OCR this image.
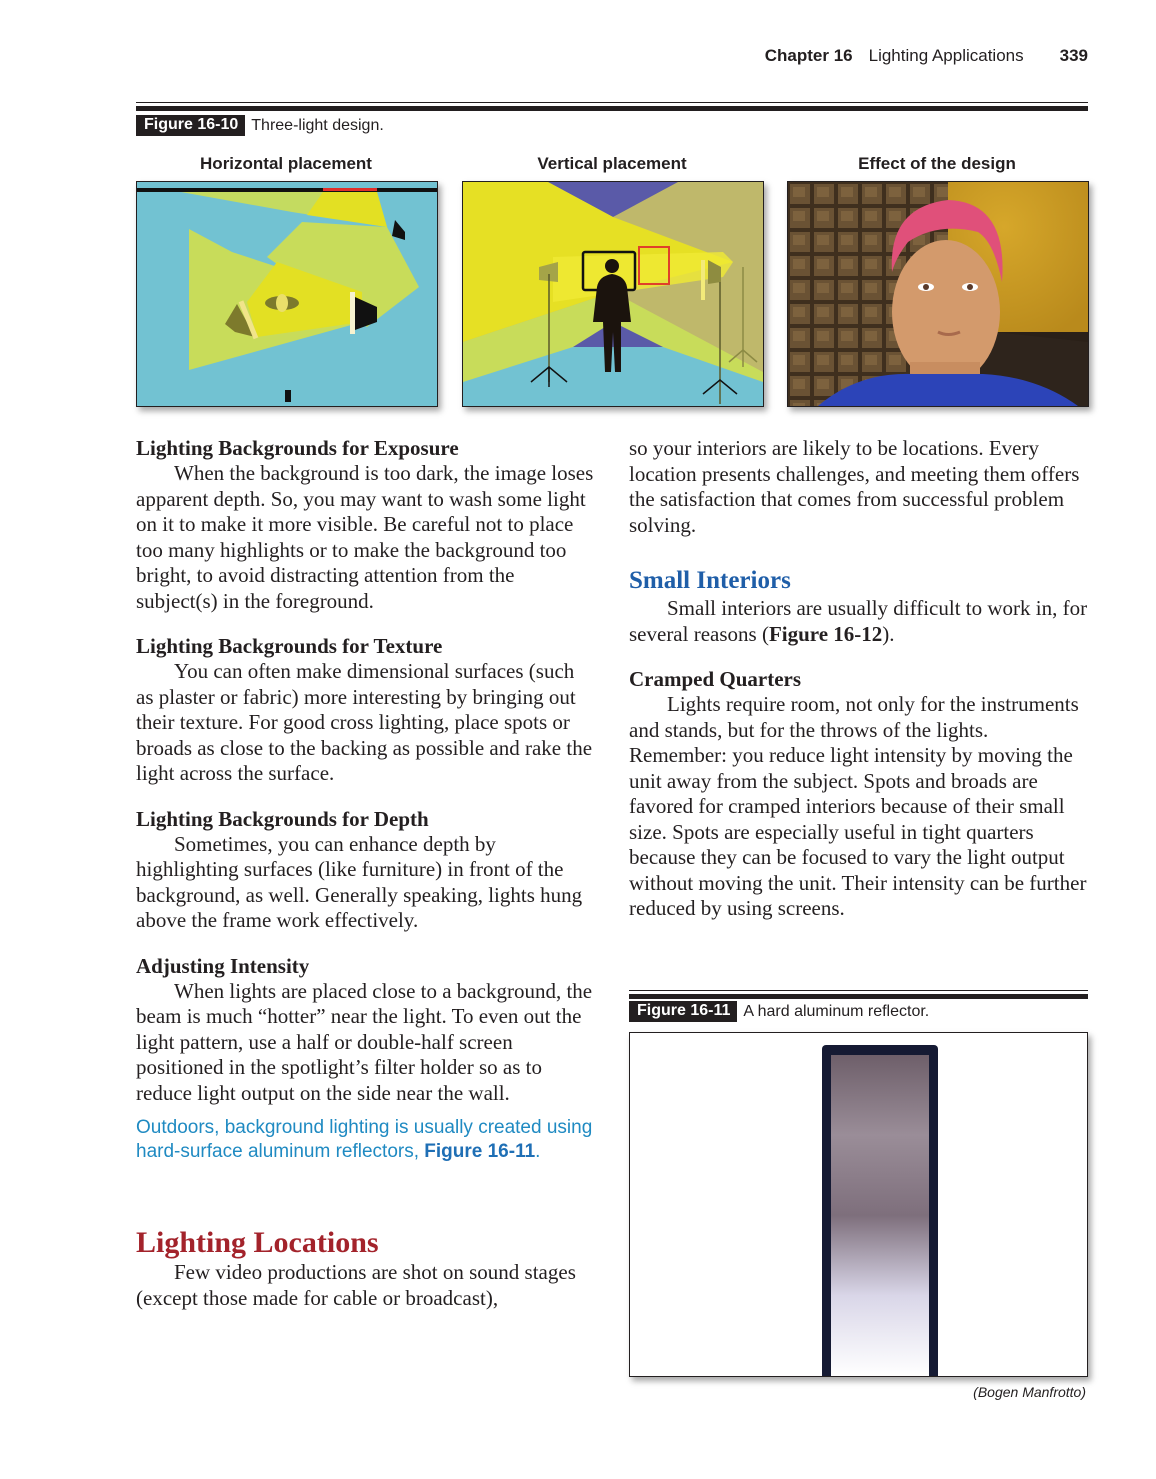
Chapter 16 Lighting Applications 339
Figure 16-10 Three-light design.
Horizontal placement	Vertical placement	Effect of the design
Lighting Backgrounds for Exposure

When the background is too dark, the image loses apparent depth. So, you may want to wash some light on it to make it more visible. Be careful not to place too many highlights or to make the background too bright, to avoid distracting attention from the subject(s) in the foreground.

Lighting Backgrounds for Texture

You can often make dimensional surfaces (such as plaster or fabric) more interesting by bringing out their texture. For good cross lighting, place spots or broads as close to the backing as possible and rake the light across the surface.

Lighting Backgrounds for Depth

Sometimes, you can enhance depth by highlighting surfaces (like furniture) in front of the background, as well. Generally speaking, lights hung above the frame work effectively.

Adjusting Intensity

When lights are placed close to a background, the beam is much “hotter” near the light. To even out the light pattern, use a half or double-half screen positioned in the spotlight’s filter holder so as to reduce light output on the side near the wall.

Outdoors, background lighting is usually created using hard-surface aluminum reflectors, Figure 16-11.
Lighting Locations

Few video productions are shot on sound stages (except those made for cable or broadcast),

so your interiors are likely to be locations. Every location presents challenges, and meeting them offers the satisfaction that comes from successful problem solving.

Small Interiors

Small interiors are usually difficult to work in, for several reasons (Figure 16-12).

Cramped Quarters

Lights require room, not only for the instruments and stands, but for the throws of the lights. Remember: you reduce light intensity by moving the unit away from the subject. Spots and broads are favored for cramped interiors because of their small size. Spots are especially useful in tight quarters because they can be focused to vary the light output without moving the unit. Their intensity can be further reduced by using screens.

Figure 16-11 A hard aluminum reflector.
(Bogen Manfrotto)
